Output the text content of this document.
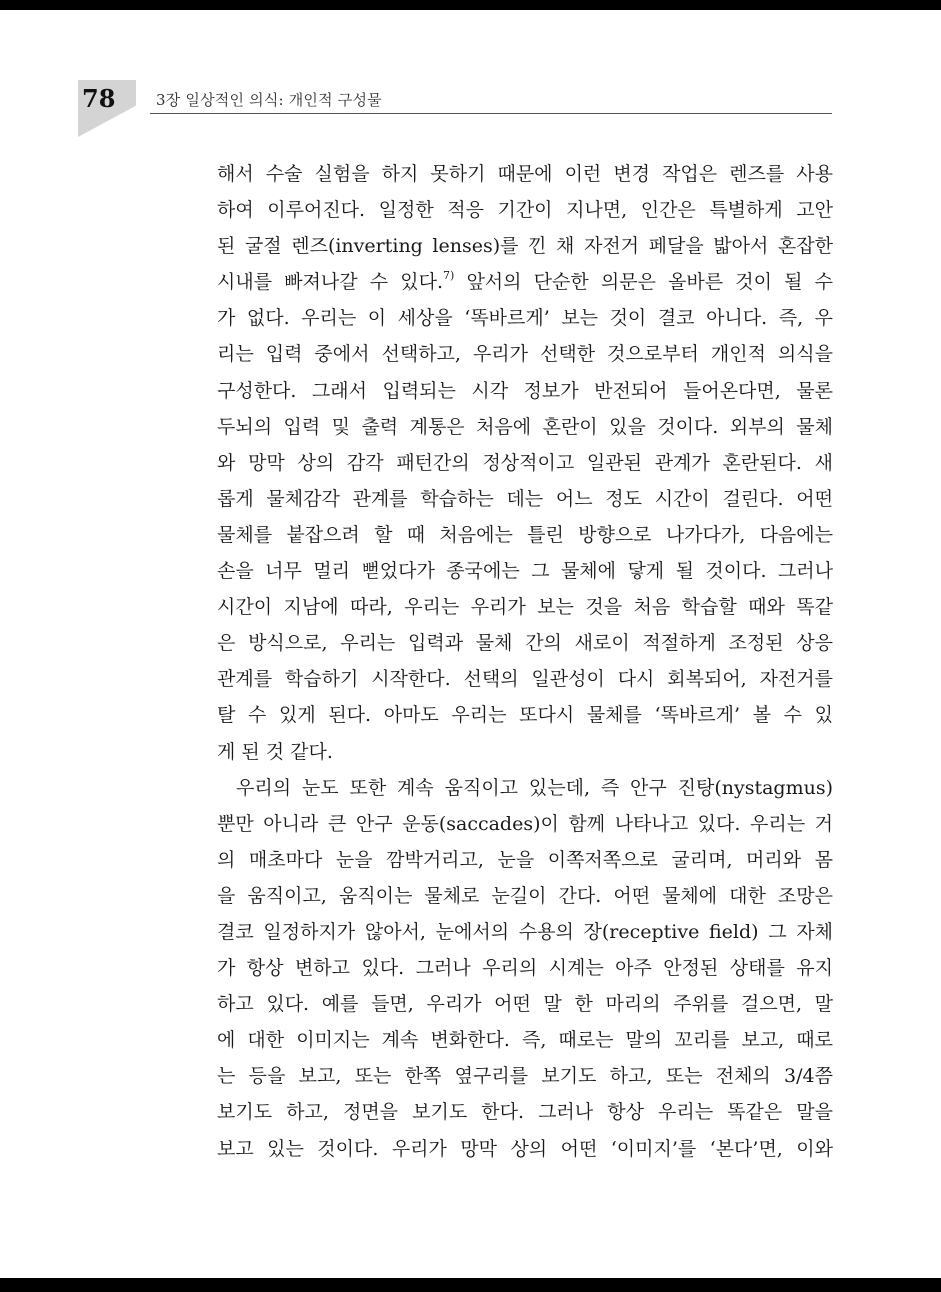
78	3장 일상적인 의식: 개인적 구성물
해서 수술 실험을 하지 못하기 때문에 이런 변경 작업은 렌즈를 사용
하여 이루어진다. 일정한 적응 기간이 지나면, 인간은 특별하게 고안
된 굴절 렌즈(inverting lenses)를 낀 채 자전거 페달을 밟아서 혼잡한
시내를 빠져나갈 수 있다.$^{7)}$ 앞서의 단순한 의문은 올바른 것이 될 수
가 없다. 우리는 이 세상을 ‘똑바르게’ 보는 것이 결코 아니다. 즉, 우
리는 입력 중에서 선택하고, 우리가 선택한 것으로부터 개인적 의식을
구성한다. 그래서 입력되는 시각 정보가 반전되어 들어온다면, 물론
두뇌의 입력 및 출력 계통은 처음에 혼란이 있을 것이다. 외부의 물체
와 망막 상의 감각 패턴간의 정상적이고 일관된 관계가 혼란된다. 새
롭게 물체감각 관계를 학습하는 데는 어느 정도 시간이 걸린다. 어떤
물체를 붙잡으려 할 때 처음에는 틀린 방향으로 나가다가, 다음에는
손을 너무 멀리 뻗었다가 종국에는 그 물체에 닿게 될 것이다. 그러나
시간이 지남에 따라, 우리는 우리가 보는 것을 처음 학습할 때와 똑같
은 방식으로, 우리는 입력과 물체 간의 새로이 적절하게 조정된 상응
관계를 학습하기 시작한다. 선택의 일관성이 다시 회복되어, 자전거를
탈 수 있게 된다. 아마도 우리는 또다시 물체를 ‘똑바르게’ 볼 수 있
게 된 것 같다.
우리의 눈도 또한 계속 움직이고 있는데, 즉 안구 진탕(nystagmus)
뿐만 아니라 큰 안구 운동(saccades)이 함께 나타나고 있다. 우리는 거
의 매초마다 눈을 깜박거리고, 눈을 이쪽저쪽으로 굴리며, 머리와 몸
을 움직이고, 움직이는 물체로 눈길이 간다. 어떤 물체에 대한 조망은
결코 일정하지가 않아서, 눈에서의 수용의 장(receptive field) 그 자체
가 항상 변하고 있다. 그러나 우리의 시계는 아주 안정된 상태를 유지
하고 있다. 예를 들면, 우리가 어떤 말 한 마리의 주위를 걸으면, 말
에 대한 이미지는 계속 변화한다. 즉, 때로는 말의 꼬리를 보고, 때로
는 등을 보고, 또는 한쪽 옆구리를 보기도 하고, 또는 전체의 3/4쯤
보기도 하고, 정면을 보기도 한다. 그러나 항상 우리는 똑같은 말을
보고 있는 것이다. 우리가 망막 상의 어떤 ‘이미지’를 ‘본다’면, 이와
